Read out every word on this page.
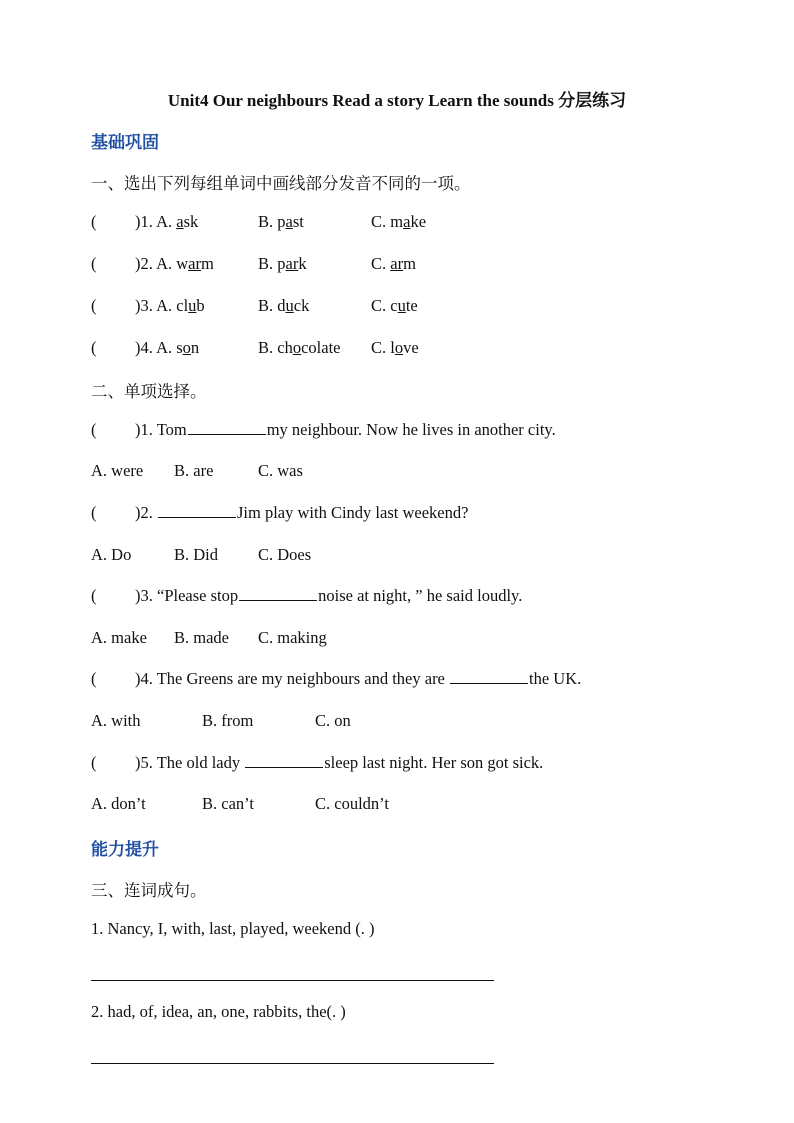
Unit4 Our neighbours Read a story Learn the sounds 分层练习
基础巩固
一、选出下列每组单词中画线部分发音不同的一项。
( )1. A. ask	B. past	C. make
( )2. A. warm	B. park	C. arm
( )3. A. club	B. duck	C. cute
( )4. A. son	B. chocolate C. love
二、单项选择。
( )1. Tom	my neighbour. Now he lives in another city.
A. were B. are	C. was
( )2.	Jim play with Cindy last weekend?
A. Do	B. Did C. Does
( )3. “Please stop	noise at night, ” he said loudly.
A. make B. made C. making
( )4. The Greens are my neighbours and they are	the UK.
A. with	B. from	C. on
( )5. The old lady	sleep last night. Her son got sick.
A. don’t	B. can’t	C. couldn’t
能力提升
三、连词成句。
1. Nancy, I, with, last, played, weekend (. )
2. had, of, idea, an, one, rabbits, the(. )
